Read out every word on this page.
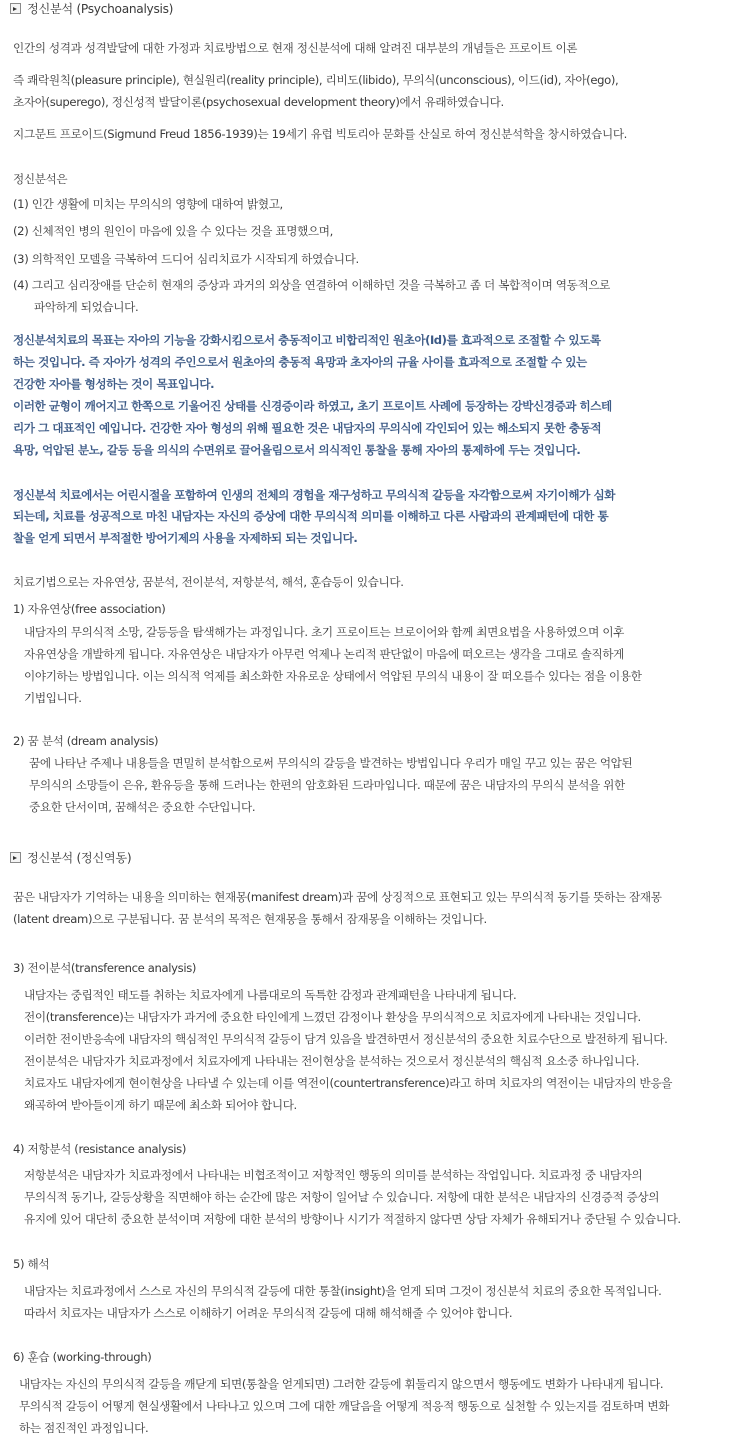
정신분석 (Psychoanalysis)
정신분석 (정신역동)
인간의 성격과 성격발달에 대한 가정과 치료방법으로 현재 정신분석에 대해 알려진 대부분의 개념들은 프로이트 이론
즉 쾌락원칙(pleasure principle), 현실원리(reality principle), 리비도(libido), 무의식(unconscious), 이드(id), 자아(ego),
초자아(superego), 정신성적 발달이론(psychosexual development theory)에서 유래하였습니다.
지그문트 프로이드(Sigmund Freud 1856-1939)는 19세기 유럽 빅토리아 문화를 산실로 하여 정신분석학을 창시하였습니다.
정신분석은
(1) 인간 생활에 미치는 무의식의 영향에 대하여 밝혔고,
(2) 신체적인 병의 원인이 마음에 있을 수 있다는 것을 표명했으며,
(3) 의학적인 모델을 극복하여 드디어 심리치료가 시작되게 하였습니다.
(4) 그리고 심리장애를 단순히 현재의 증상과 과거의 외상을 연결하여 이해하던 것을 극복하고 좀 더 복합적이며 역동적으로
파악하게 되었습니다.
정신분석치료의 목표는 자아의 기능을 강화시킴으로서 충동적이고 비합리적인 원초아(Id)를 효과적으로 조절할 수 있도록
하는 것입니다. 즉 자아가 성격의 주인으로서 원초아의 충동적 욕망과 초자아의 규율 사이를 효과적으로 조절할 수 있는
건강한 자아를 형성하는 것이 목표입니다.
이러한 균형이 깨어지고 한쪽으로 기울어진 상태를 신경증이라 하였고, 초기 프로이트 사례에 등장하는 강박신경증과 히스테
리가 그 대표적인 예입니다. 건강한 자아 형성의 위해 필요한 것은 내담자의 무의식에 각인되어 있는 해소되지 못한 충동적
욕망, 억압된 분노, 갈등 등을 의식의 수면위로 끌어올림으로서 의식적인 통찰을 통해 자아의 통제하에 두는 것입니다.
정신분석 치료에서는 어린시절을 포함하여 인생의 전체의 경험을 재구성하고 무의식적 갈등을 자각함으로써 자기이해가 심화
되는데, 치료를 성공적으로 마친 내담자는 자신의 증상에 대한 무의식적 의미를 이해하고 다른 사람과의 관계패턴에 대한 통
찰을 얻게 되면서 부적절한 방어기제의 사용을 자제하되 되는 것입니다.
치료기법으로는 자유연상, 꿈분석, 전이분석, 저항분석, 해석, 훈습등이 있습니다.
1) 자유연상(free association)
내담자의 무의식적 소망, 갈등등을 탐색해가는 과정입니다. 초기 프로이트는 브로이어와 함께 최면요법을 사용하였으며 이후
자유연상을 개발하게 됩니다. 자유연상은 내담자가 아무런 억제나 논리적 판단없이 마음에 떠오르는 생각을 그대로 솔직하게
이야기하는 방법입니다. 이는 의식적 억제를 최소화한 자유로운 상태에서 억압된 무의식 내용이 잘 떠오를수 있다는 점을 이용한
기법입니다.
2) 꿈 분석 (dream analysis)
꿈에 나타난 주제나 내용들을 면밀히 분석함으로써 무의식의 갈등을 발견하는 방법입니다 우리가 매일 꾸고 있는 꿈은 억압된
무의식의 소망들이 은유, 환유등을 통해 드러나는 한편의 암호화된 드라마입니다. 때문에 꿈은 내담자의 무의식 분석을 위한
중요한 단서이며, 꿈해석은 중요한 수단입니다.
꿈은 내담자가 기억하는 내용을 의미하는 현재몽(manifest dream)과 꿈에 상징적으로 표현되고 있는 무의식적 동기를 뜻하는 잠재몽
(latent dream)으로 구분됩니다. 꿈 분석의 목적은 현재몽을 통해서 잠재몽을 이해하는 것입니다.
3) 전이분석(transference analysis)
내담자는 중립적인 태도를 취하는 치료자에게 나름대로의 독특한 감정과 관계패턴을 나타내게 됩니다.
전이(transference)는 내담자가 과거에 중요한 타인에게 느꼈던 감정이나 환상을 무의식적으로 치료자에게 나타내는 것입니다.
이러한 전이반응속에 내담자의 핵심적인 무의식적 갈등이 담겨 있음을 발견하면서 정신분석의 중요한 치료수단으로 발전하게 됩니다.
전이분석은 내담자가 치료과정에서 치료자에게 나타내는 전이현상을 분석하는 것으로서 정신분석의 핵심적 요소중 하나입니다.
치료자도 내담자에게 현이현상을 나타낼 수 있는데 이를 역전이(countertransference)라고 하며 치료자의 역전이는 내담자의 반응을
왜곡하여 받아들이게 하기 때문에 최소화 되어야 합니다.
4) 저항분석 (resistance analysis)
저항분석은 내담자가 치료과정에서 나타내는 비협조적이고 저항적인 행동의 의미를 분석하는 작업입니다. 치료과정 중 내담자의
무의식적 동기나, 갈등상황을 직면해야 하는 순간에 많은 저항이 일어날 수 있습니다. 저항에 대한 분석은 내담자의 신경증적 증상의
유지에 있어 대단히 중요한 분석이며 저항에 대한 분석의 방향이나 시기가 적절하지 않다면 상담 자체가 유해되거나 중단될 수 있습니다.
5) 해석
내담자는 치료과정에서 스스로 자신의 무의식적 갈등에 대한 통찰(insight)을 얻게 되며 그것이 정신분석 치료의 중요한 목적입니다.
따라서 치료자는 내담자가 스스로 이해하기 어려운 무의식적 갈등에 대해 해석해줄 수 있어야 합니다.
6) 훈습 (working-through)
내담자는 자신의 무의식적 갈등을 깨닫게 되면(통찰을 얻게되면) 그러한 갈등에 휘둘리지 않으면서 행동에도 변화가 나타내게 됩니다.
무의식적 갈등이 어떻게 현실생활에서 나타나고 있으며 그에 대한 깨달음을 어떻게 적응적 행동으로 실천할 수 있는지를 검토하며 변화
하는 점진적인 과정입니다.
